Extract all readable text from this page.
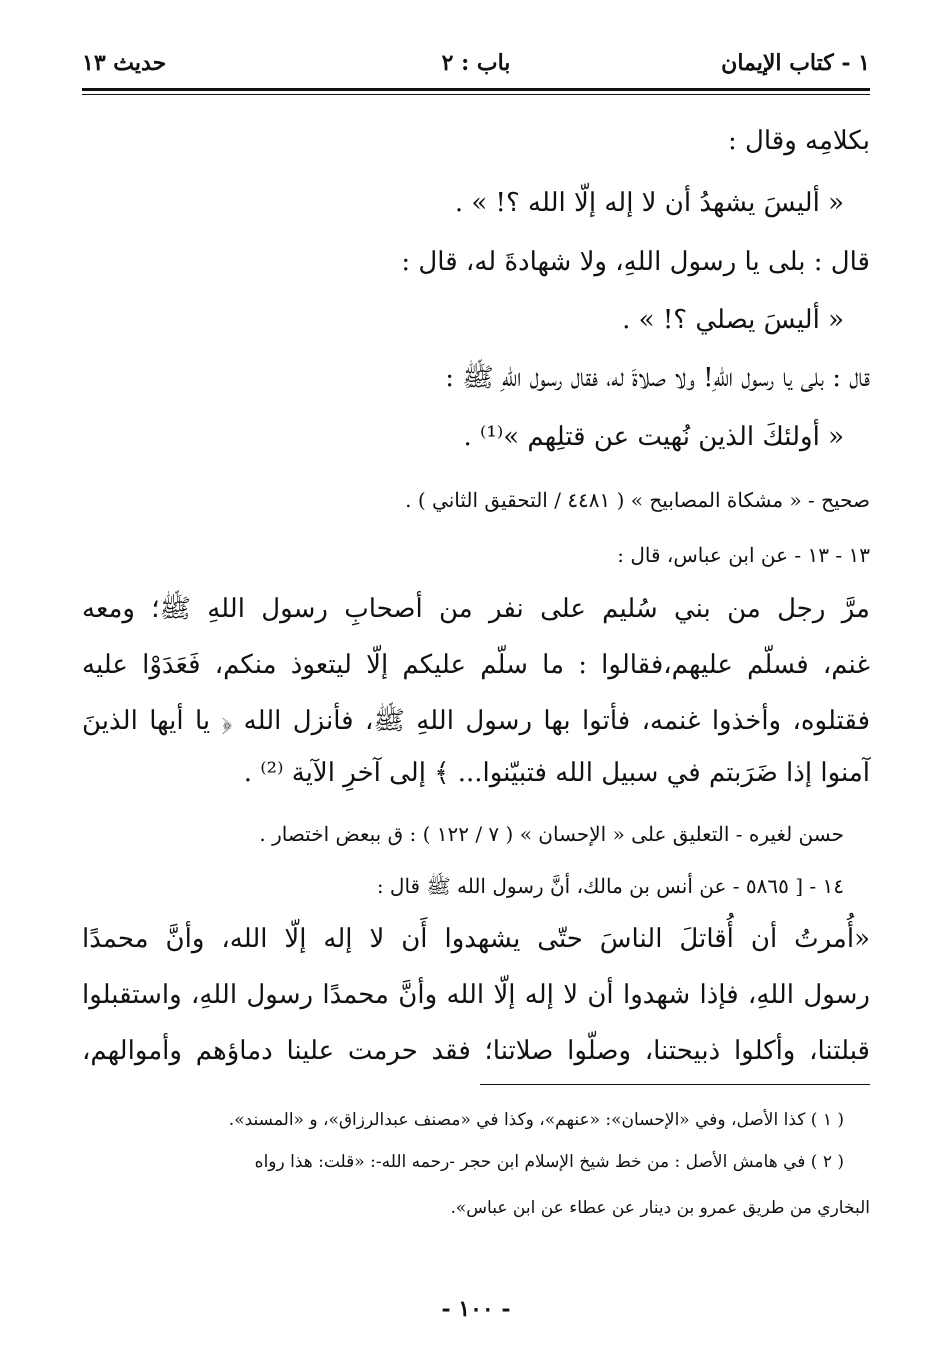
١ - كتاب الإيمان
باب : ٢
حديث ١٣
بكلامِه وقال :
« أليسَ يشهدُ أن لا إله إلّا الله ؟! » .
قال : بلى يا رسول اللهِ، ولا شهادةَ له، قال :
« أليسَ يصلي ؟! » .
قال : بلى يا رسول اللهِ! ولا صلاةَ له، فقال رسول اللهِ ﷺ :
« أولئكَ الذين نُهيت عن قتلِهم »⁽¹⁾ .
صحيح - « مشكاة المصابيح » ( ٤٤٨١ / التحقيق الثاني ) .
١٣ - ١٣ - عن ابن عباس، قال :
مرَّ رجل من بني سُليم على نفر من أصحابِ رسول اللهِ ﷺ؛ ومعه
غنم، فسلّم عليهم،فقالوا : ما سلّم عليكم إلّا ليتعوذ منكم، فَعَدَوْا عليه
فقتلوه، وأخذوا غنمه، فأتوا بها رسول اللهِ ﷺ، فأنزل الله ﴿ يا أيها الذينَ
آمنوا إذا ضَرَبتم في سبيل الله فتبيّنوا... ﴾ إلى آخرِ الآية ⁽²⁾ .
حسن لغيره - التعليق على « الإحسان » ( ٧ / ١٢٢ ) : ق ببعض اختصار .
١٤ - [ ٥٨٦٥ - عن أنس بن مالك، أنَّ رسول الله ﷺ قال :
«أُمرتُ أن أُقاتلَ الناسَ حتّى يشهدوا أَن لا إله إلّا الله، وأنَّ محمدًا
رسول اللهِ، فإذا شهدوا أن لا إله إلّا الله وأنَّ محمدًا رسول اللهِ، واستقبلوا
قبلتنا، وأكلوا ذبيحتنا، وصلّوا صلاتنا؛ فقد حرمت علينا دماؤهم وأموالهم،
( ١ ) كذا الأصل، وفي «الإحسان»: «عنهم»، وكذا في «مصنف عبدالرزاق»، و «المسند».
( ٢ ) في هامش الأصل : من خط شيخ الإسلام ابن حجر -رحمه الله-: «قلت: هذا رواه
البخاري من طريق عمرو بن دينار عن عطاء عن ابن عباس».
- ١٠٠ -
